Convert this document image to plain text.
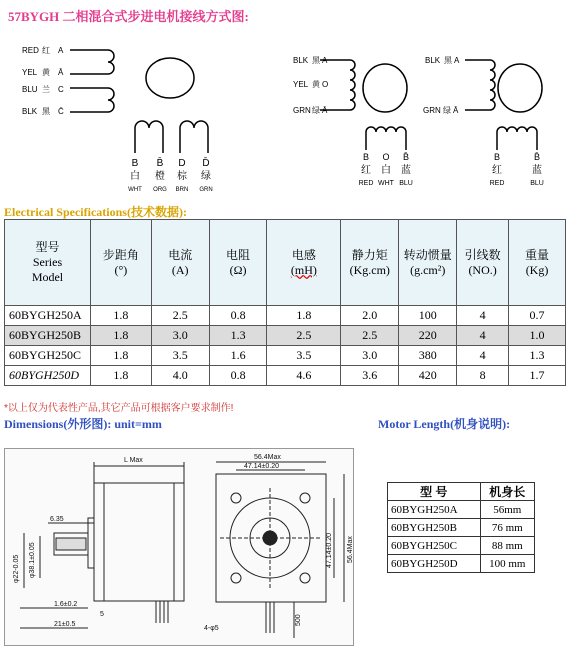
57BYGH 二相混合式步进电机接线方式图:
RED 红 A
YEL 黄 Ā
BLU 兰 C
BLK 黑 C̄
B
白
WHT
B̄
橙
ORG
D
棕
BRN
D̄
绿
GRN
BLK 黑 A
YEL 黄 O
GRN 绿 Ā
B
红
RED
O
白
WHT
B̄
蓝
BLU
BLK 黑 A
GRN 绿 Ā
B
红
RED
B̄
蓝
BLU
Electrical Specifications(技术数据):
型号
Series
Model	步距角
(°)	电流
(A)	电阻
(Ω)	电感
(mH)	静力矩
(Kg.cm)	转动惯量
(g.cm²)	引线数
(NO.)	重量
(Kg)
60BYGH250A	1.8	2.5	0.8	1.8	2.0	100	4	0.7
60BYGH250B	1.8	3.0	1.3	2.5	2.5	220	4	1.0
60BYGH250C	1.8	3.5	1.6	3.5	3.0	380	4	1.3
60BYGH250D	1.8	4.0	0.8	4.6	3.6	420	8	1.7
*以上仅为代表性产品,其它产品可根据客户要求制作!
Dimensions(外形图): unit=mm	Motor Length(机身说明):
L Max
6.35
φ22-0.05 φ38.1±0.05
1.6±0.2
5
21±0.5
56.4Max
47.14±0.20
47.14±0.20 56.4Max
500
4-φ5
型 号	机身长
60BYGH250A	56mm
60BYGH250B	76 mm
60BYGH250C	88 mm
60BYGH250D	100 mm
